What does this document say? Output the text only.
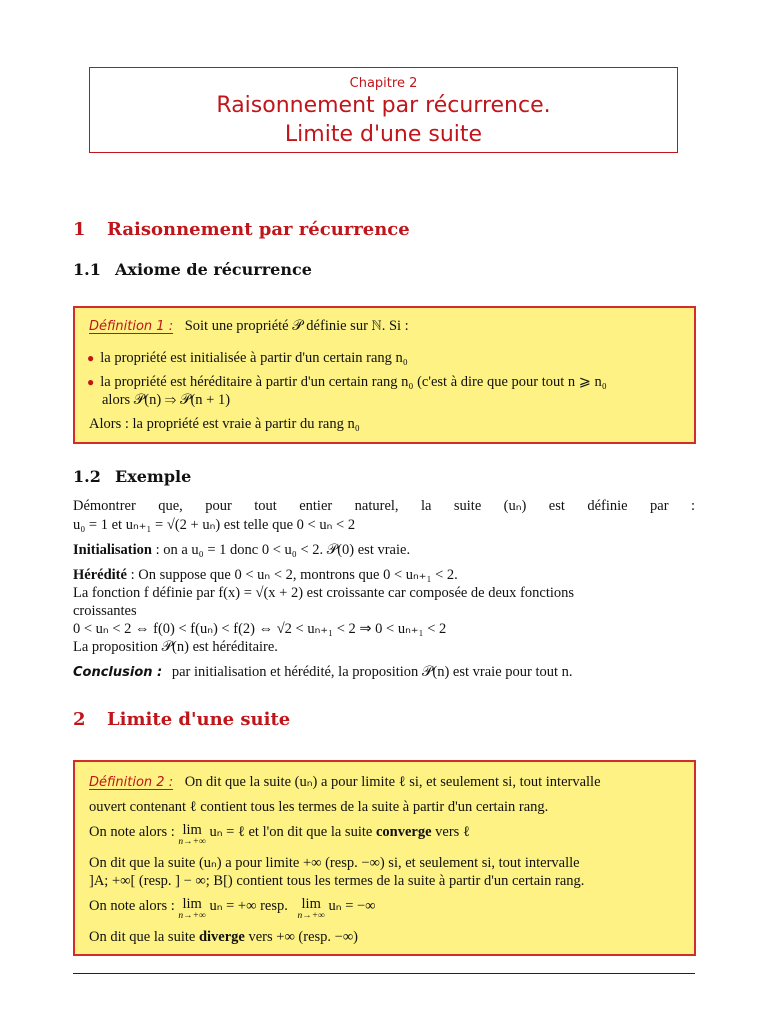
Chapitre 2
Raisonnement par récurrence.
Limite d'une suite
1 Raisonnement par récurrence
1.1 Axiome de récurrence
Définition 1 : Soit une propriété 𝒫 définie sur ℕ. Si :
● la propriété est initialisée à partir d'un certain rang n₀
● la propriété est héréditaire à partir d'un certain rang n₀ (c'est à dire que pour tout n ⩾ n₀
alors 𝒫(n) ⇒ 𝒫(n + 1)
Alors : la propriété est vraie à partir du rang n₀
1.2 Exemple
Démontrer que, pour tout entier naturel, la suite (uₙ) est définie par :
u₀ = 1 et uₙ₊₁ = √(2 + uₙ) est telle que 0 < uₙ < 2
Initialisation : on a u₀ = 1 donc 0 < u₀ < 2. 𝒫(0) est vraie.
Hérédité : On suppose que 0 < uₙ < 2, montrons que 0 < uₙ₊₁ < 2.
La fonction f définie par f(x) = √(x + 2) est croissante car composée de deux fonctions
croissantes
0 < uₙ < 2 ⇔ f(0) < f(uₙ) < f(2) ⇔ √2 < uₙ₊₁ < 2 ⇒ 0 < uₙ₊₁ < 2
La proposition 𝒫(n) est héréditaire.
Conclusion : par initialisation et hérédité, la proposition 𝒫(n) est vraie pour tout n.
2 Limite d'une suite
Définition 2 : On dit que la suite (uₙ) a pour limite ℓ si, et seulement si, tout intervalle
ouvert contenant ℓ contient tous les termes de la suite à partir d'un certain rang.
On note alors : lim
n→+∞
uₙ = ℓ et l'on dit que la suite converge vers ℓ
On dit que la suite (uₙ) a pour limite +∞ (resp. −∞) si, et seulement si, tout intervalle
]A; +∞[ (resp. ] − ∞; B[) contient tous les termes de la suite à partir d'un certain rang.
On note alors : lim
n→+∞
uₙ = +∞ resp. lim
n→+∞
uₙ = −∞
On dit que la suite diverge vers +∞ (resp. −∞)
